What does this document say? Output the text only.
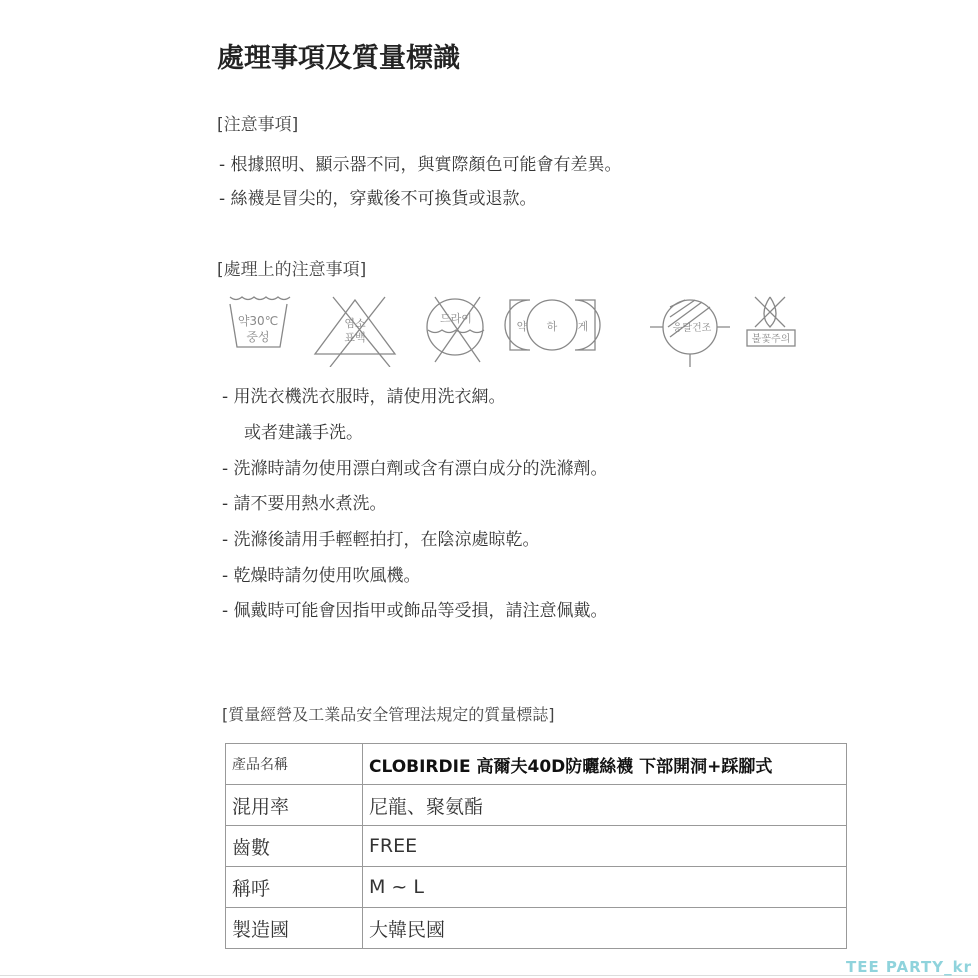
處理事項及質量標識
[注意事項]
- 根據照明、顯示器不同，與實際顏色可能會有差異。
- 絲襪是冒尖的，穿戴後不可換貨或退款。
[處理上的注意事項]
약30℃
중성
염소
표백
드라이
약 하 게	응달건조
불꽃주의
- 用洗衣機洗衣服時，請使用洗衣網。
或者建議手洗。
- 洗滌時請勿使用漂白劑或含有漂白成分的洗滌劑。
- 請不要用熱水煮洗。
- 洗滌後請用手輕輕拍打，在陰涼處晾乾。
- 乾燥時請勿使用吹風機。
- 佩戴時可能會因指甲或飾品等受損，請注意佩戴。
[質量經營及工業品安全管理法規定的質量標誌]
產品名稱	CLOBIRDIE 高爾夫40D防曬絲襪 下部開洞+踩腳式
混用率	尼龍、聚氨酯
齒數	FREE
稱呼	M ~ L
製造國	大韓民國
TEE PARTY_kr
